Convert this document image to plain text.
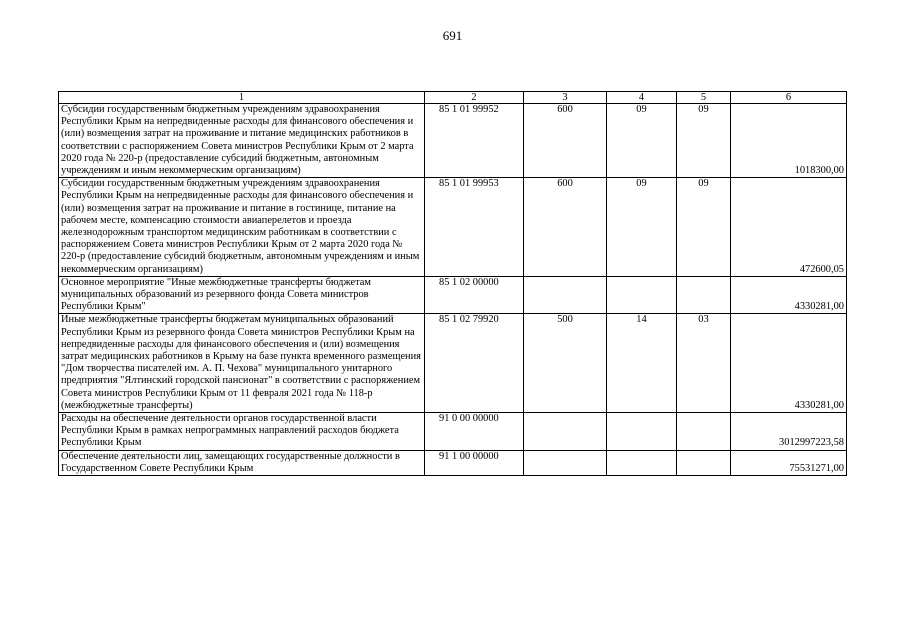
691
1	2	3	4	5	6
Субсидии государственным бюджетным учреждениям здравоохранения Республики Крым на непредвиденные расходы для финансового обеспечения и (или) возмещения затрат на проживание и питание медицинских работников в соответствии с распоряжением Совета министров Республики Крым от 2 марта 2020 года № 220-р (предоставление субсидий бюджетным, автономным учреждениям и иным некоммерческим организациям)	85 1 01 99952	600	09	09	1018300,00
Субсидии государственным бюджетным учреждениям здравоохранения Республики Крым на непредвиденные расходы для финансового обеспечения и (или) возмещения затрат на проживание и питание в гостинице, питание на рабочем месте, компенсацию стоимости авиаперелетов и проезда железнодорожным транспортом медицинским работникам в соответствии с распоряжением Совета министров Республики Крым от 2 марта 2020 года № 220-р (предоставление субсидий бюджетным, автономным учреждениям и иным некоммерческим организациям)	85 1 01 99953	600	09	09	472600,05
Основное мероприятие "Иные межбюджетные трансферты бюджетам муниципальных образований из резервного фонда Совета министров Республики Крым"	85 1 02 00000				4330281,00
Иные межбюджетные трансферты бюджетам муниципальных образований Республики Крым из резервного фонда Совета министров Республики Крым на непредвиденные расходы для финансового обеспечения и (или) возмещения затрат медицинских работников в Крыму на базе пункта временного размещения "Дом творчества писателей им. А. П. Чехова" муниципального унитарного предприятия "Ялтинский городской пансионат" в соответствии с распоряжением Совета министров Республики Крым от 11 февраля 2021 года № 118-р (межбюджетные трансферты)	85 1 02 79920	500	14	03	4330281,00
Расходы на обеспечение деятельности органов государственной власти Республики Крым в рамках непрограммных направлений расходов бюджета Республики Крым	91 0 00 00000				3012997223,58
Обеспечение деятельности лиц, замещающих государственные должности в Государственном Совете Республики Крым	91 1 00 00000				75531271,00
